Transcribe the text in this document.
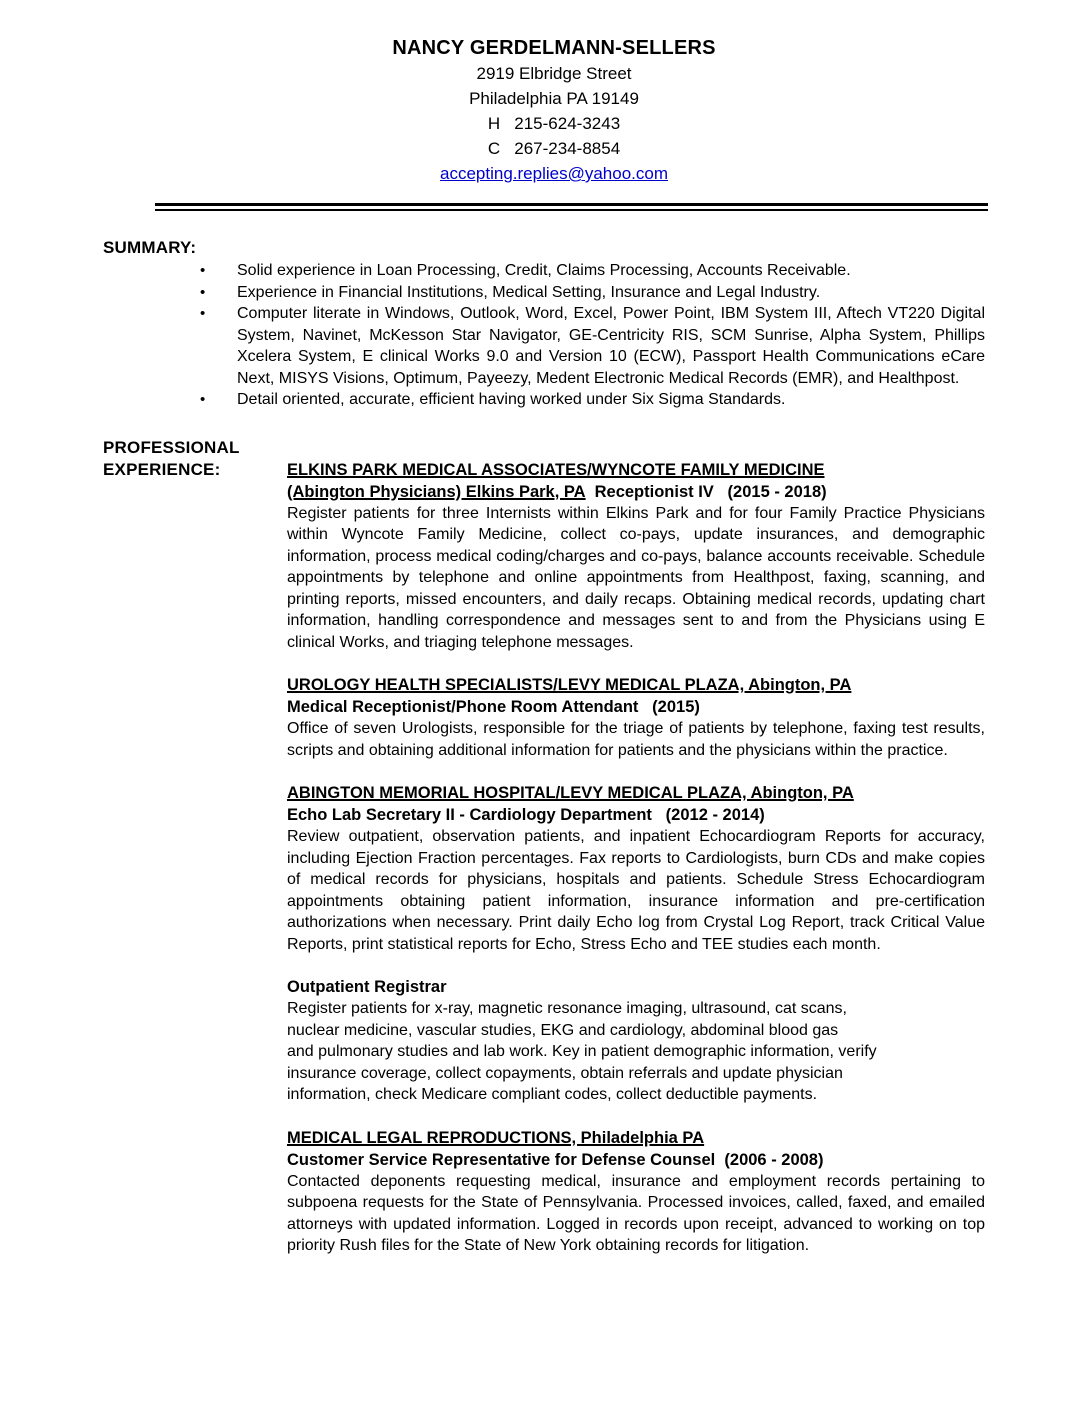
NANCY GERDELMANN-SELLERS
2919 Elbridge Street
Philadelphia PA 19149
H   215-624-3243
C   267-234-8854
accepting.replies@yahoo.com
SUMMARY:
•	Solid experience in Loan Processing, Credit, Claims Processing, Accounts Receivable.
•	Experience in Financial Institutions, Medical Setting, Insurance and Legal Industry.
•	Computer literate in Windows, Outlook, Word, Excel, Power Point, IBM System III, Aftech VT220 Digital System, Navinet, McKesson Star Navigator, GE-Centricity RIS, SCM Sunrise, Alpha System, Phillips Xcelera System, E clinical Works 9.0 and Version 10 (ECW), Passport Health Communications eCare Next, MISYS Visions, Optimum, Payeezy, Medent Electronic Medical Records (EMR), and Healthpost.
•	Detail oriented, accurate, efficient having worked under Six Sigma Standards.
PROFESSIONAL
EXPERIENCE:	ELKINS PARK MEDICAL ASSOCIATES/WYNCOTE FAMILY MEDICINE
(Abington Physicians) Elkins Park, PA Receptionist IV   (2015 - 2018)

Register patients for three Internists within Elkins Park and for four Family Practice Physicians within Wyncote Family Medicine, collect co-pays, update insurances, and demographic information, process medical coding/charges and co-pays, balance accounts receivable. Schedule appointments by telephone and online appointments from Healthpost, faxing, scanning, and printing reports, missed encounters, and daily recaps. Obtaining medical records, updating chart information, handling correspondence and messages sent to and from the Physicians using E clinical Works, and triaging telephone messages.

UROLOGY HEALTH SPECIALISTS/LEVY MEDICAL PLAZA, Abington, PA
Medical Receptionist/Phone Room Attendant   (2015)

Office of seven Urologists, responsible for the triage of patients by telephone, faxing test results, scripts and obtaining additional information for patients and the physicians within the practice.

ABINGTON MEMORIAL HOSPITAL/LEVY MEDICAL PLAZA, Abington, PA
Echo Lab Secretary II - Cardiology Department   (2012 - 2014)

Review outpatient, observation patients, and inpatient Echocardiogram Reports for accuracy, including Ejection Fraction percentages. Fax reports to Cardiologists, burn CDs and make copies of medical records for physicians, hospitals and patients. Schedule Stress Echocardiogram appointments obtaining patient information, insurance information and pre-certification authorizations when necessary. Print daily Echo log from Crystal Log Report, track Critical Value Reports, print statistical reports for Echo, Stress Echo and TEE studies each month.

Outpatient Registrar
Register patients for x-ray, magnetic resonance imaging, ultrasound, cat scans,
nuclear medicine, vascular studies, EKG and cardiology, abdominal blood gas
and pulmonary studies and lab work. Key in patient demographic information, verify
insurance coverage, collect copayments, obtain referrals and update physician
information, check Medicare compliant codes, collect deductible payments.
MEDICAL LEGAL REPRODUCTIONS, Philadelphia PA
Customer Service Representative for Defense Counsel  (2006 - 2008)

Contacted deponents requesting medical, insurance and employment records pertaining to subpoena requests for the State of Pennsylvania. Processed invoices, called, faxed, and emailed attorneys with updated information. Logged in records upon receipt, advanced to working on top priority Rush files for the State of New York obtaining records for litigation.
